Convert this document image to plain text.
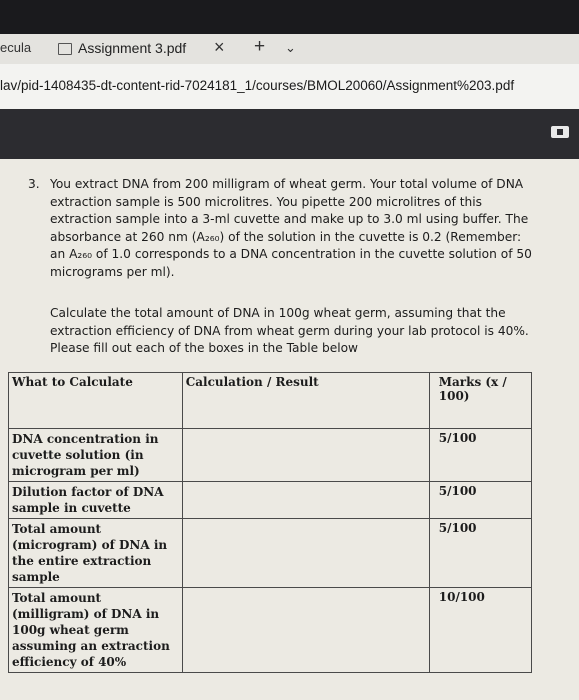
ecula	Assignment 3.pdf × + ⌄
lav/pid-1408435-dt-content-rid-7024181_1/courses/BMOL20060/Assignment%203.pdf
3. You extract DNA from 200 milligram of wheat germ. Your total volume of DNA extraction sample is 500 microlitres. You pipette 200 microlitres of this extraction sample into a 3-ml cuvette and make up to 3.0 ml using buffer. The absorbance at 260 nm (A₂₆₀) of the solution in the cuvette is 0.2 (Remember: an A₂₆₀ of 1.0 corresponds to a DNA concentration in the cuvette solution of 50 micrograms per ml).
Calculate the total amount of DNA in 100g wheat germ, assuming that the extraction efficiency of DNA from wheat germ during your lab protocol is 40%. Please fill out each of the boxes in the Table below
What to Calculate	Calculation / Result	Marks (x / 100)
DNA concentration in cuvette solution (in microgram per ml)		5/100
Dilution factor of DNA sample in cuvette		5/100
Total amount (microgram) of DNA in the entire extraction sample		5/100
Total amount (milligram) of DNA in 100g wheat germ assuming an extraction efficiency of 40%		10/100
